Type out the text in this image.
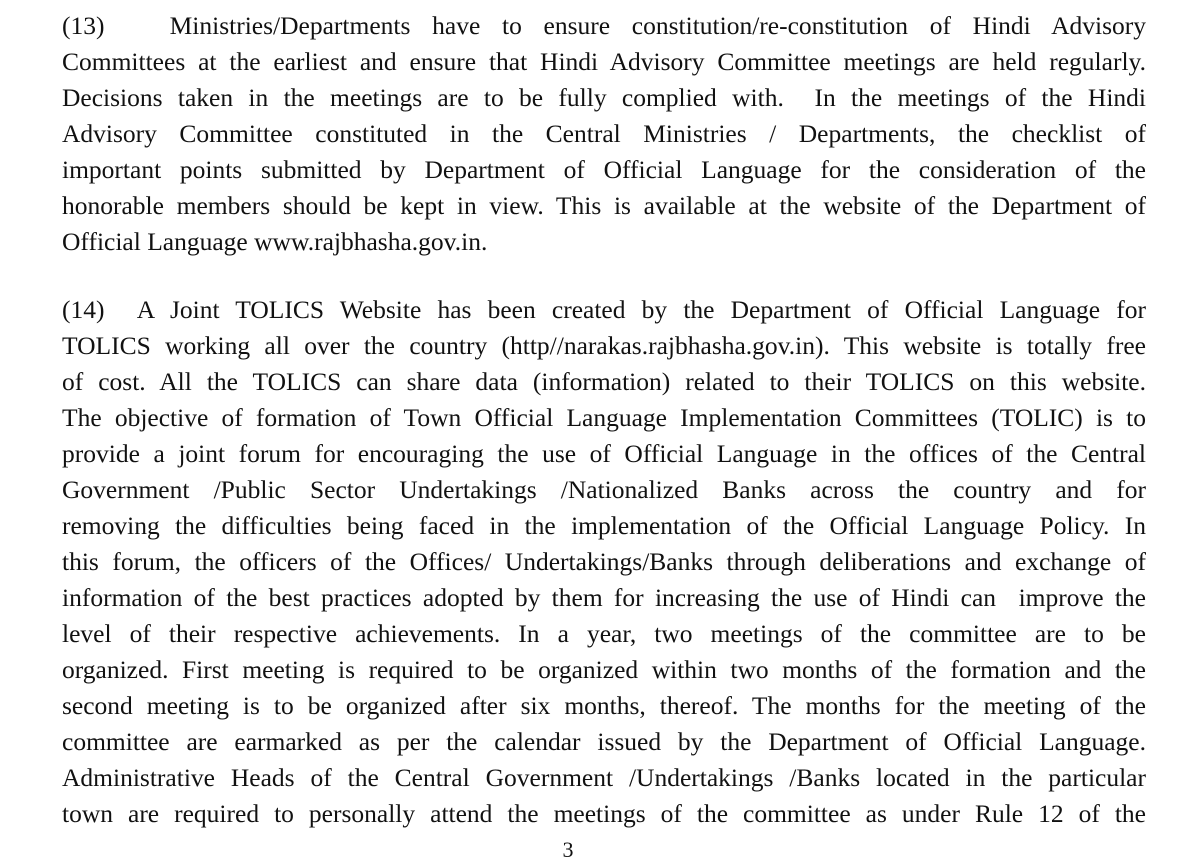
(13)   Ministries/Departments have to ensure constitution/re-constitution of Hindi Advisory
Committees at the earliest and ensure that Hindi Advisory Committee meetings are held regularly.
Decisions taken in the meetings are to be fully complied with.  In the meetings of the Hindi
Advisory Committee constituted in the Central Ministries / Departments, the checklist of
important points submitted by Department of Official Language for the consideration of the
honorable members should be kept in view. This is available at the website of the Department of
Official Language www.rajbhasha.gov.in.
(14)  A Joint TOLICS Website has been created by the Department of Official Language for
TOLICS working all over the country (http//narakas.rajbhasha.gov.in). This website is totally free
of cost. All the TOLICS can share data (information) related to their TOLICS on this website.
The objective of formation of Town Official Language Implementation Committees (TOLIC) is to
provide a joint forum for encouraging the use of Official Language in the offices of the Central
Government /Public Sector Undertakings /Nationalized Banks across the country and for
removing the difficulties being faced in the implementation of the Official Language Policy. In
this forum, the officers of the Offices/ Undertakings/Banks through deliberations and exchange of
information of the best practices adopted by them for increasing the use of Hindi can  improve the
level of their respective achievements. In a year, two meetings of the committee are to be
organized. First meeting is required to be organized within two months of the formation and the
second meeting is to be organized after six months, thereof. The months for the meeting of the
committee are earmarked as per the calendar issued by the Department of Official Language.
Administrative Heads of the Central Government /Undertakings /Banks located in the particular
town are required to personally attend the meetings of the committee as under Rule 12 of the
3
